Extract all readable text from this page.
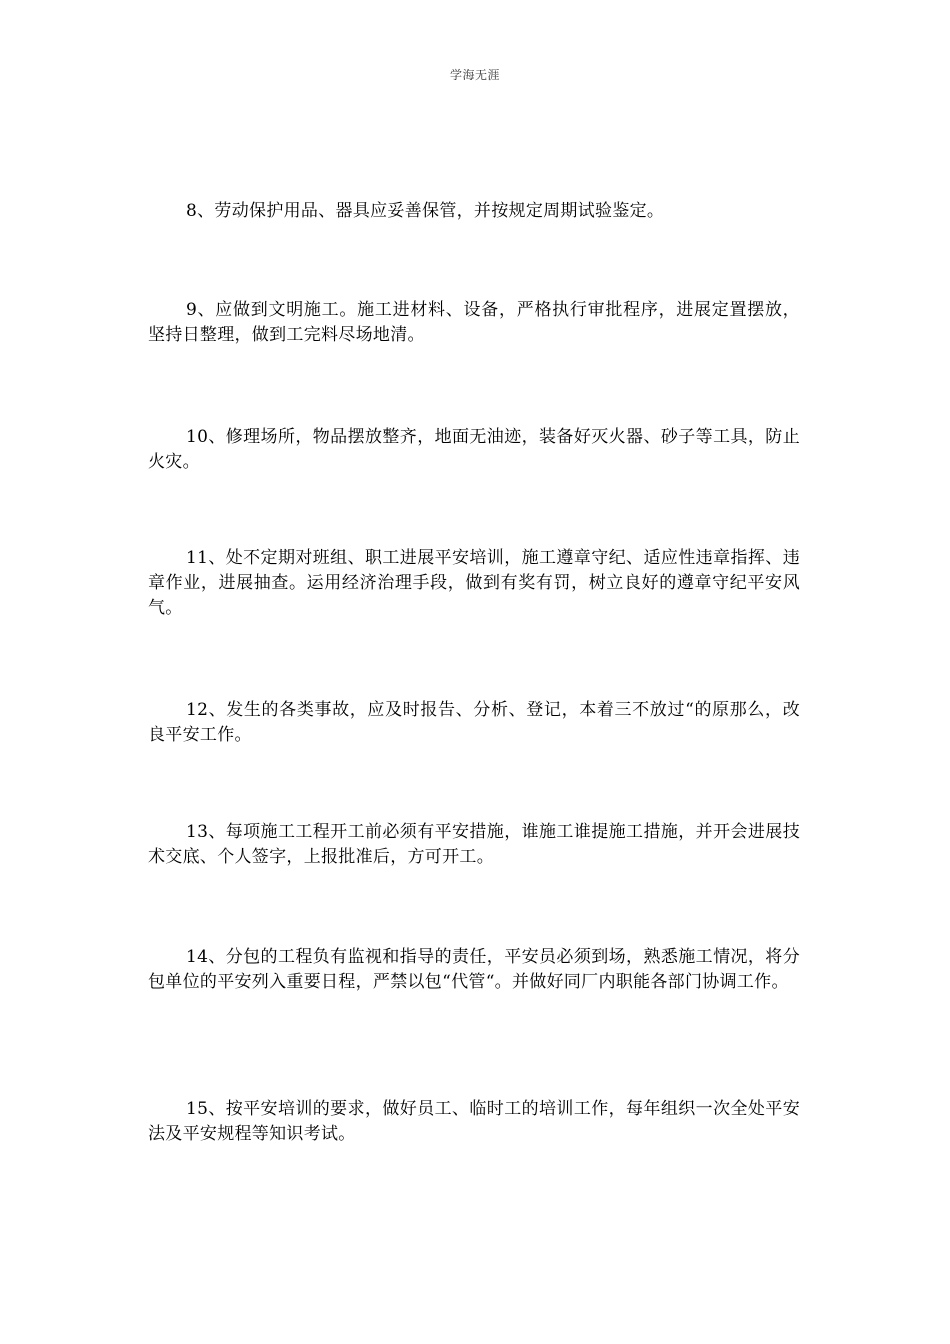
学海无涯

8、劳动保护用品、器具应妥善保管，并按规定周期试验鉴定。

9、应做到文明施工。施工进材料、设备，严格执行审批程序，进展定置摆放，坚持日整理，做到工完料尽场地清。

10、修理场所，物品摆放整齐，地面无油迹，装备好灭火器、砂子等工具，防止火灾。

11、处不定期对班组、职工进展平安培训，施工遵章守纪、适应性违章指挥、违章作业，进展抽查。运用经济治理手段，做到有奖有罚，树立良好的遵章守纪平安风气。

12、发生的各类事故，应及时报告、分析、登记，本着三不放过“的原那么，改良平安工作。

13、每项施工工程开工前必须有平安措施，谁施工谁提施工措施，并开会进展技术交底、个人签字，上报批准后，方可开工。

14、分包的工程负有监视和指导的责任，平安员必须到场，熟悉施工情况，将分包单位的平安列入重要日程，严禁以包“代管“。并做好同厂内职能各部门协调工作。

15、按平安培训的要求，做好员工、临时工的培训工作，每年组织一次全处平安法及平安规程等知识考试。
